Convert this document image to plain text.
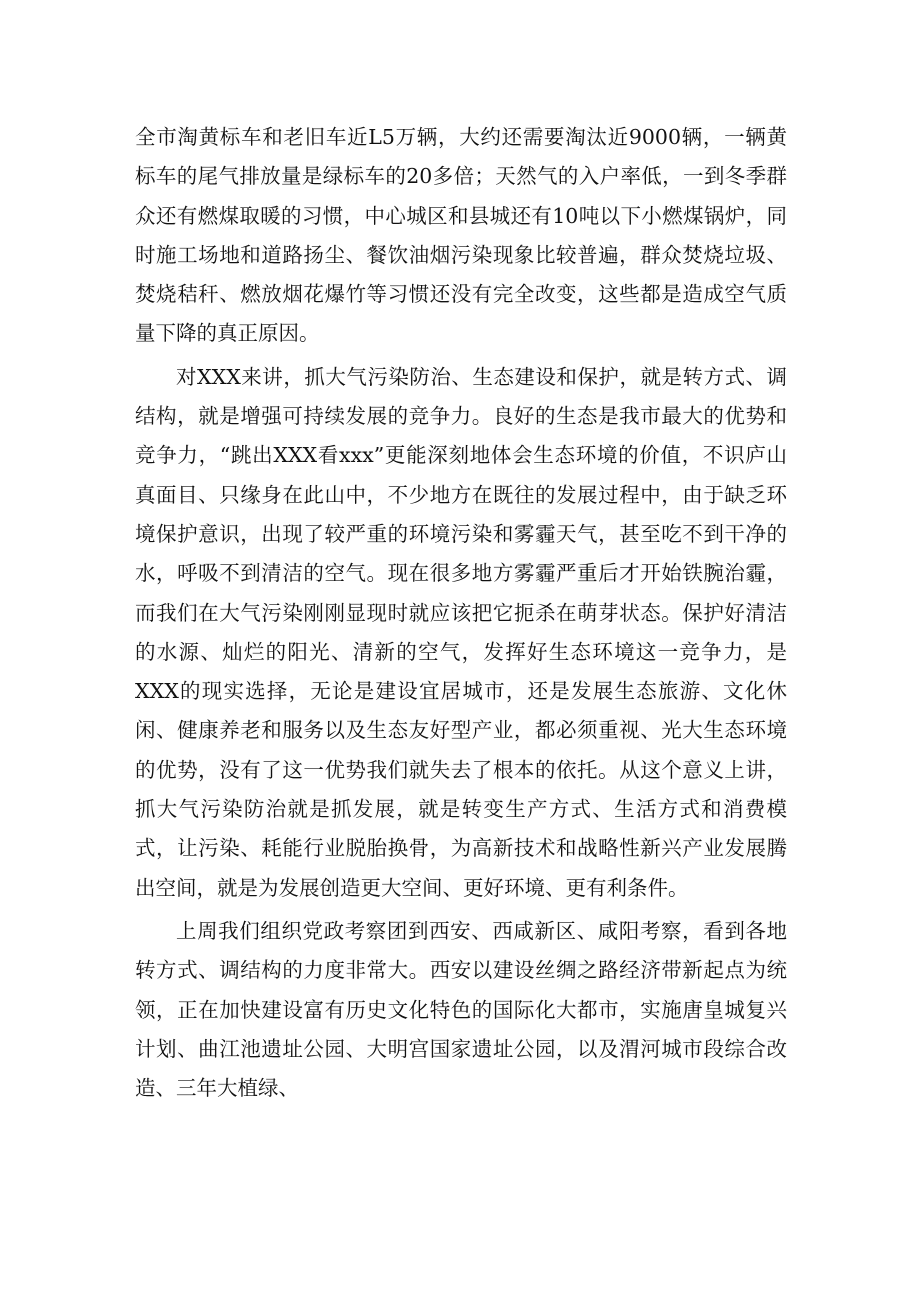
全市淘黄标车和老旧车近L5万辆，大约还需要淘汰近9000辆，一辆黄标车的尾气排放量是绿标车的20多倍；天然气的入户率低，一到冬季群众还有燃煤取暖的习惯，中心城区和县城还有10吨以下小燃煤锅炉，同时施工场地和道路扬尘、餐饮油烟污染现象比较普遍，群众焚烧垃圾、焚烧秸秆、燃放烟花爆竹等习惯还没有完全改变，这些都是造成空气质量下降的真正原因。

对XXX来讲，抓大气污染防治、生态建设和保护，就是转方式、调结构，就是增强可持续发展的竞争力。良好的生态是我市最大的优势和竞争力，“跳出XXX看xxx”更能深刻地体会生态环境的价值，不识庐山真面目、只缘身在此山中，不少地方在既往的发展过程中，由于缺乏环境保护意识，出现了较严重的环境污染和雾霾天气，甚至吃不到干净的水，呼吸不到清洁的空气。现在很多地方雾霾严重后才开始铁腕治霾，而我们在大气污染刚刚显现时就应该把它扼杀在萌芽状态。保护好清洁的水源、灿烂的阳光、清新的空气，发挥好生态环境这一竞争力，是XXX的现实选择，无论是建设宜居城市，还是发展生态旅游、文化休闲、健康养老和服务以及生态友好型产业，都必须重视、光大生态环境的优势，没有了这一优势我们就失去了根本的依托。从这个意义上讲，抓大气污染防治就是抓发展，就是转变生产方式、生活方式和消费模式，让污染、耗能行业脱胎换骨，为高新技术和战略性新兴产业发展腾出空间，就是为发展创造更大空间、更好环境、更有利条件。

上周我们组织党政考察团到西安、西咸新区、咸阳考察，看到各地转方式、调结构的力度非常大。西安以建设丝绸之路经济带新起点为统领，正在加快建设富有历史文化特色的国际化大都市，实施唐皇城复兴计划、曲江池遗址公园、大明宫国家遗址公园，以及渭河城市段综合改造、三年大植绿、
